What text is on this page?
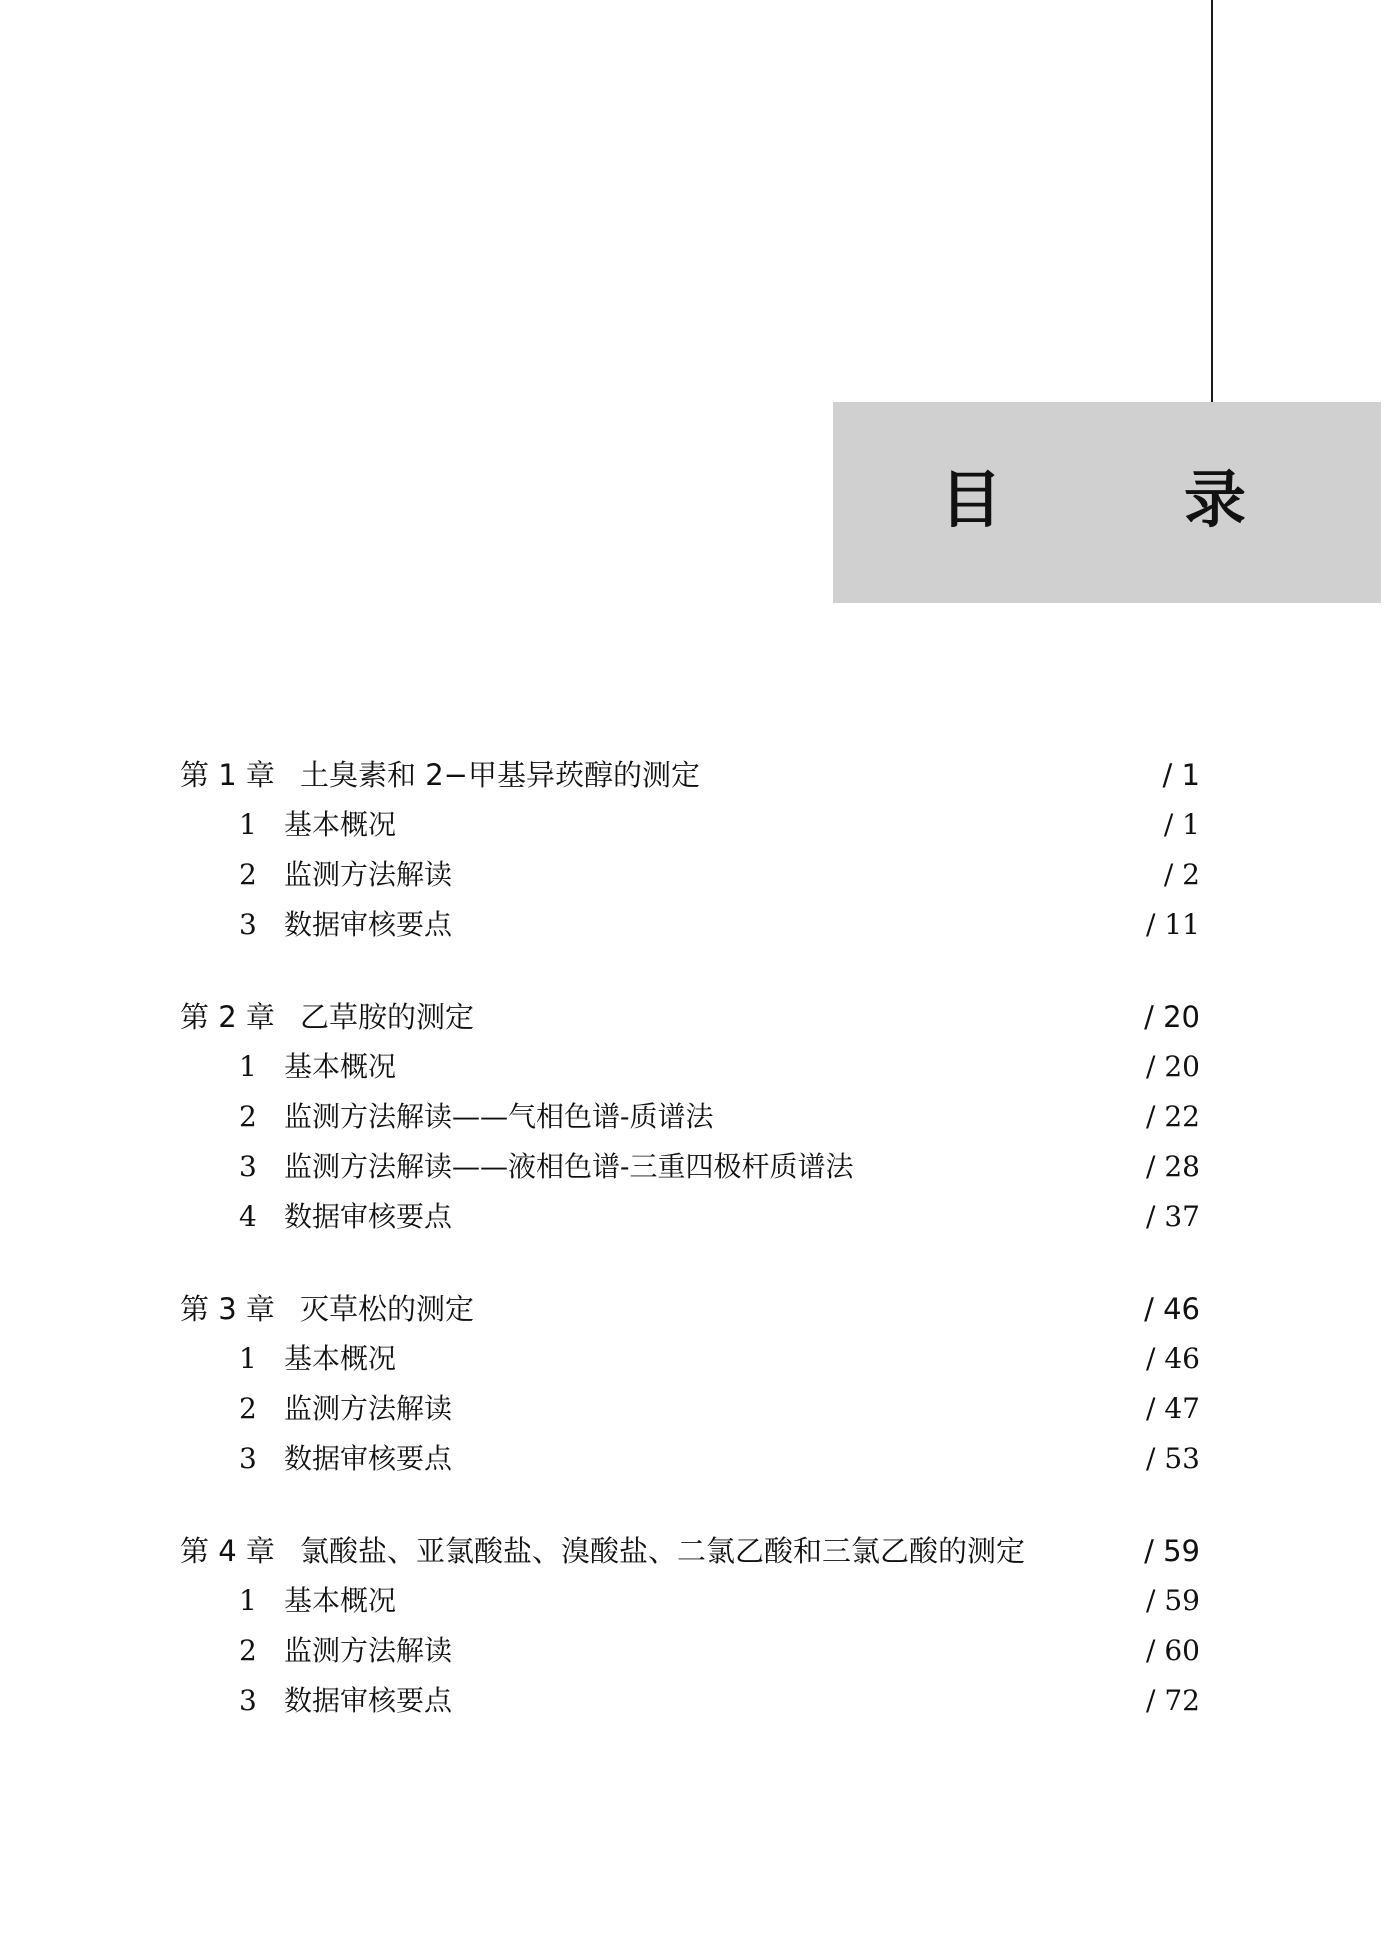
目　录
第 1 章 土臭素和 2−甲基异莰醇的测定	/ 1
1 基本概况	/ 1
2 监测方法解读	/ 2
3 数据审核要点	/ 11
第 2 章 乙草胺的测定	/ 20
1 基本概况	/ 20
2 监测方法解读——气相色谱-质谱法	/ 22
3 监测方法解读——液相色谱-三重四极杆质谱法	/ 28
4 数据审核要点	/ 37
第 3 章 灭草松的测定	/ 46
1 基本概况	/ 46
2 监测方法解读	/ 47
3 数据审核要点	/ 53
第 4 章 氯酸盐、亚氯酸盐、溴酸盐、二氯乙酸和三氯乙酸的测定	/ 59
1 基本概况	/ 59
2 监测方法解读	/ 60
3 数据审核要点	/ 72
